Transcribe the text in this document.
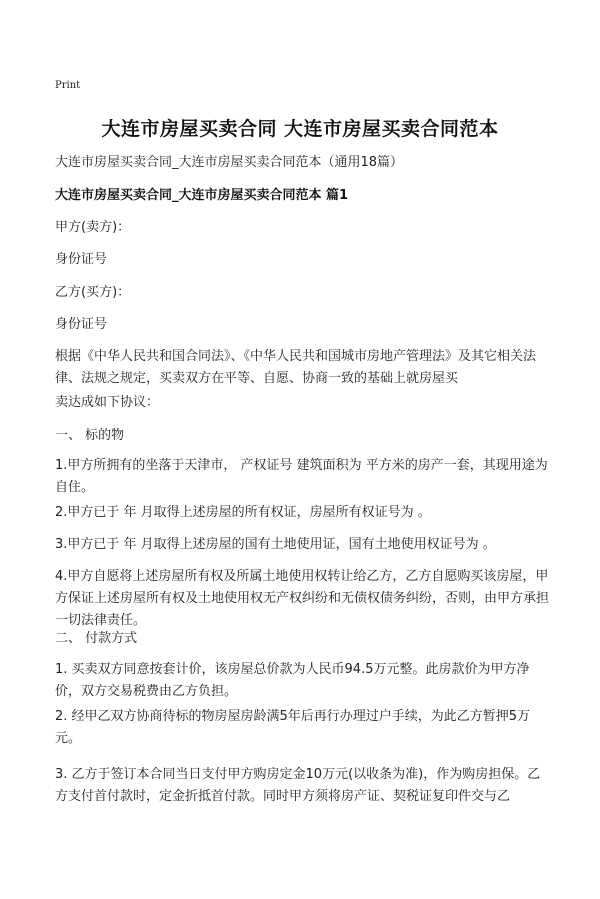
Print
大连市房屋买卖合同 大连市房屋买卖合同范本

大连市房屋买卖合同_大连市房屋买卖合同范本（通用18篇）

大连市房屋买卖合同_大连市房屋买卖合同范本 篇1

甲方(卖方)：

身份证号

乙方(买方)：

身份证号

根据《中华人民共和国合同法》、《中华人民共和国城市房地产管理法》及其它相关法律、法规之规定，买卖双方在平等、自愿、协商一致的基础上就房屋买

卖达成如下协议：

一、 标的物

1.甲方所拥有的坐落于天津市， 产权证号 建筑面积为 平方米的房产一套，其现用途为自住。

2.甲方已于 年 月取得上述房屋的所有权证，房屋所有权证号为 。

3.甲方已于 年 月取得上述房屋的国有土地使用证，国有土地使用权证号为 。

4.甲方自愿将上述房屋所有权及所属土地使用权转让给乙方，乙方自愿购买该房屋，甲方保证上述房屋所有权及土地使用权无产权纠纷和无债权债务纠纷，否则，由甲方承担一切法律责任。

二、 付款方式

1. 买卖双方同意按套计价，该房屋总价款为人民币94.5万元整。此房款价为甲方净价，双方交易税费由乙方负担。

2. 经甲乙双方协商待标的物房屋房龄满5年后再行办理过户手续，为此乙方暂押5万元。

3. 乙方于签订本合同当日支付甲方购房定金10万元(以收条为准)，作为购房担保。乙方支付首付款时，定金折抵首付款。同时甲方须将房产证、契税证复印件交与乙
